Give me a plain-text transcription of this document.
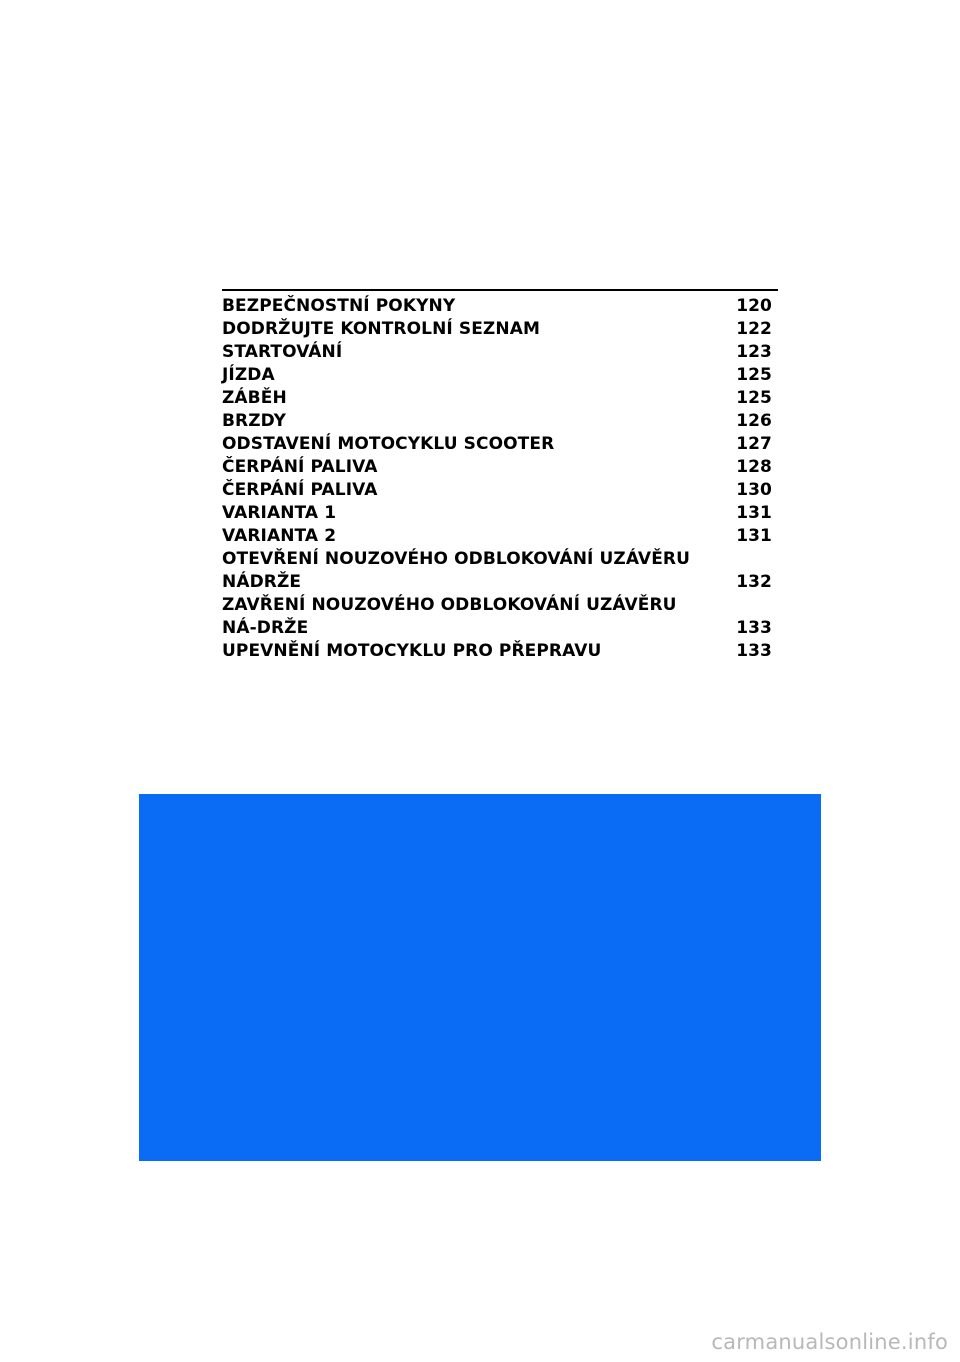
BEZPEČNOSTNÍ POKYNY	120
DODRŽUJTE KONTROLNÍ SEZNAM	122
STARTOVÁNÍ	123
JÍZDA	125
ZÁBĚH	125
BRZDY	126
ODSTAVENÍ MOTOCYKLU SCOOTER	127
ČERPÁNÍ PALIVA	128
ČERPÁNÍ PALIVA	130
VARIANTA 1	131
VARIANTA 2	131
OTEVŘENÍ NOUZOVÉHO ODBLOKOVÁNÍ UZÁVĚRU NÁDRŽE	132
ZAVŘENÍ NOUZOVÉHO ODBLOKOVÁNÍ UZÁVĚRU NÁ-DRŽE	133
UPEVNĚNÍ MOTOCYKLU PRO PŘEPRAVU	133
carmanualsonline.info
